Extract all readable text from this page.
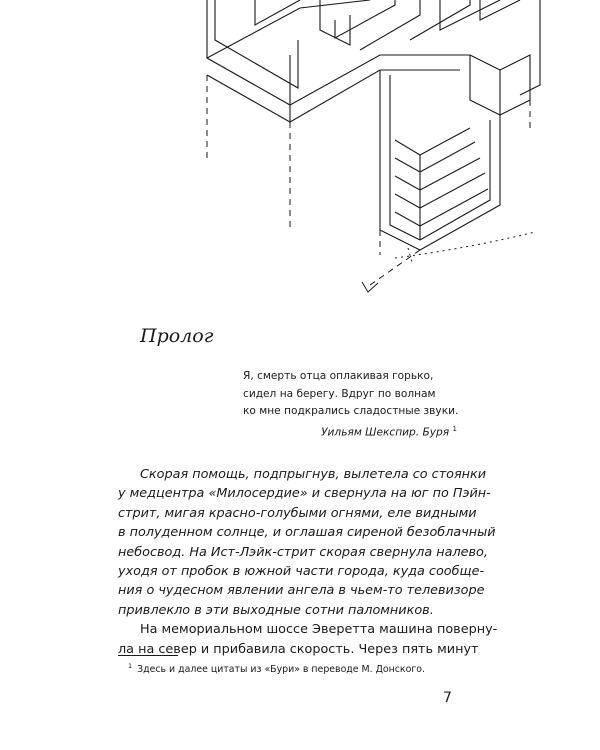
Пролог
Я, смерть отца оплакивая горько,
сидел на берегу. Вдруг по волнам
ко мне подкрались сладостные звуки.
Уильям Шекспир. Буря $^1$
Скорая помощь, подпрыгнув, вылетела со стоянки
у медцентра «Милосердие» и свернула на юг по Пэйн-
стрит, мигая красно-голубыми огнями, еле видными
в полуденном солнце, и оглашая сиреной безоблачный
небосвод. На Ист-Лэйк-стрит скорая свернула налево,
уходя от пробок в южной части города, куда сообще-
ния о чудесном явлении ангела в чьем-то телевизоре
привлекло в эти выходные сотни паломников.
На мемориальном шоссе Эверетта машина поверну-
ла на север и прибавила скорость. Через пять минут
$^1$ Здесь и далее цитаты из «Бури» в переводе М. Донского.
7
